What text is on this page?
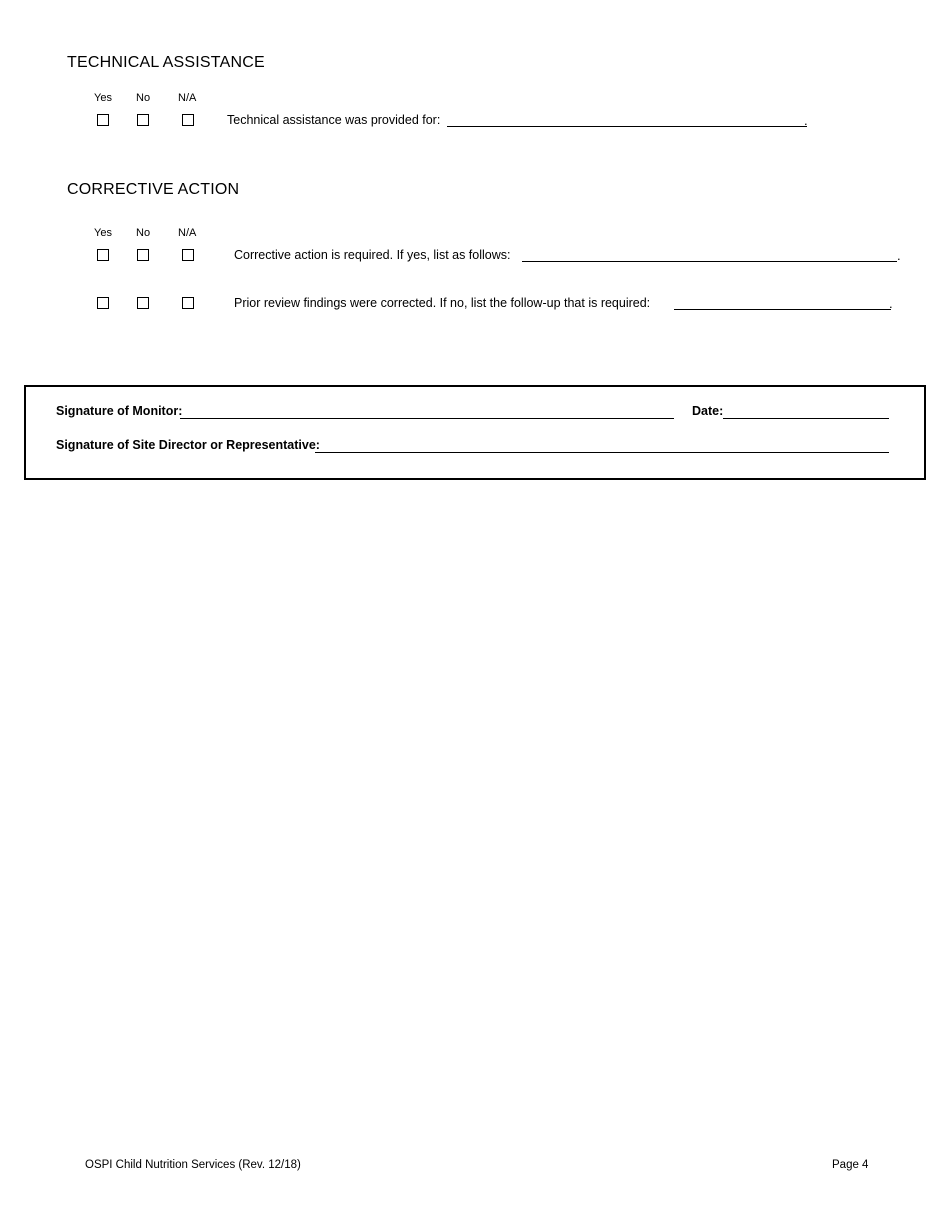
TECHNICAL ASSISTANCE
Yes No	N/A
Technical assistance was provided for:	.
CORRECTIVE ACTION
Yes No	N/A
Corrective action is required. If yes, list as follows:	.
Prior review findings were corrected. If no, list the follow-up that is required:	.
Signature of Monitor:	Date:
Signature of Site Director or Representative:
OSPI Child Nutrition Services (Rev. 12/18)	Page 4
